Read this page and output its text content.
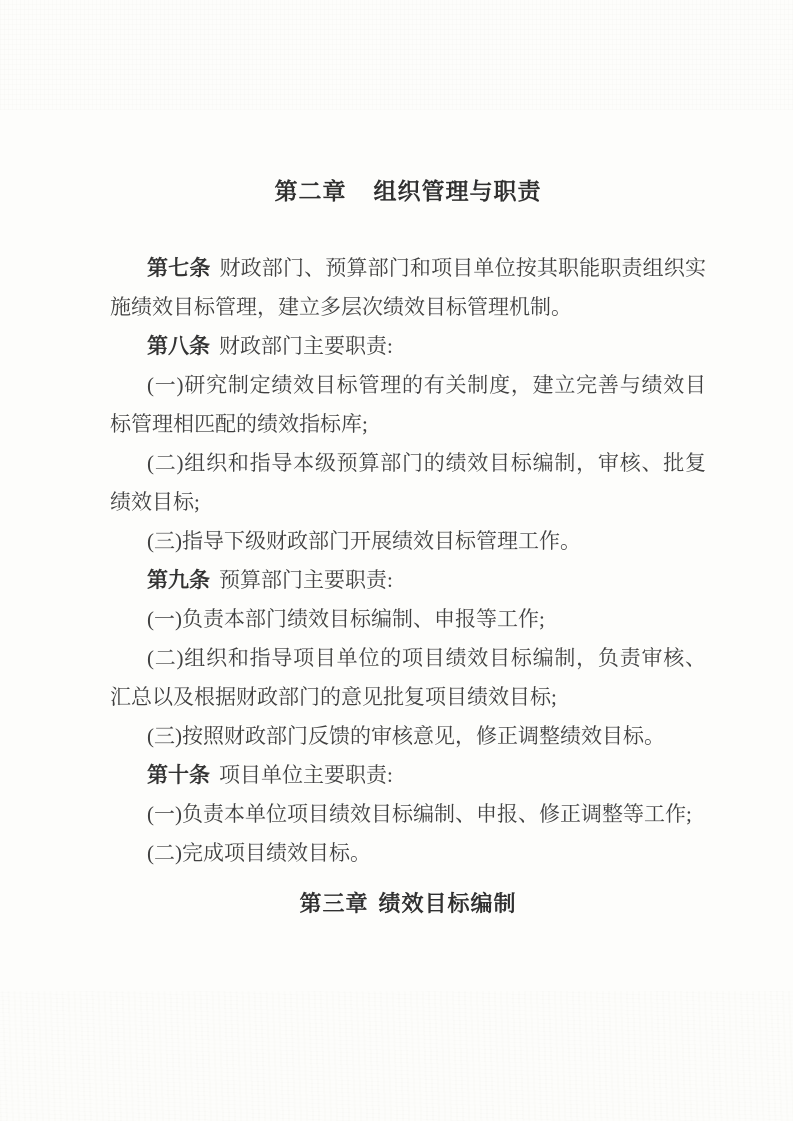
第二章 组织管理与职责

第七条 财政部门、预算部门和项目单位按其职能职责组织实施绩效目标管理，建立多层次绩效目标管理机制。

第八条 财政部门主要职责:

(一)研究制定绩效目标管理的有关制度，建立完善与绩效目标管理相匹配的绩效指标库;

(二)组织和指导本级预算部门的绩效目标编制，审核、批复绩效目标;

(三)指导下级财政部门开展绩效目标管理工作。

第九条 预算部门主要职责:

(一)负责本部门绩效目标编制、申报等工作;

(二)组织和指导项目单位的项目绩效目标编制，负责审核、汇总以及根据财政部门的意见批复项目绩效目标;

(三)按照财政部门反馈的审核意见，修正调整绩效目标。

第十条 项目单位主要职责:

(一)负责本单位项目绩效目标编制、申报、修正调整等工作;

(二)完成项目绩效目标。

第三章 绩效目标编制
